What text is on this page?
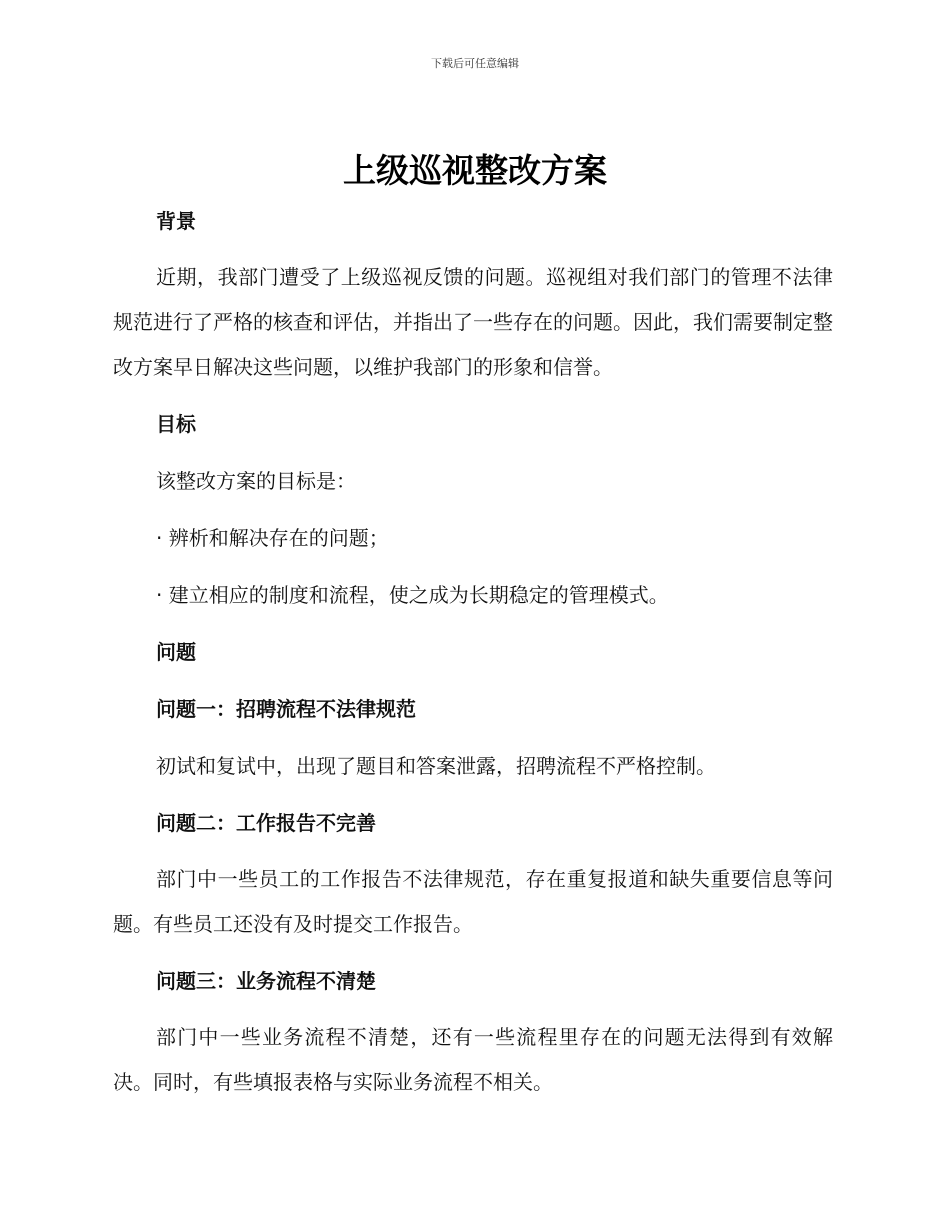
下载后可任意编辑
上级巡视整改方案

背景

近期，我部门遭受了上级巡视反馈的问题。巡视组对我们部门的管理不法律规范进行了严格的核查和评估，并指出了一些存在的问题。因此，我们需要制定整改方案早日解决这些问题，以维护我部门的形象和信誉。

目标

该整改方案的目标是：

· 辨析和解决存在的问题；

· 建立相应的制度和流程，使之成为长期稳定的管理模式。

问题

问题一：招聘流程不法律规范

初试和复试中，出现了题目和答案泄露，招聘流程不严格控制。

问题二：工作报告不完善

部门中一些员工的工作报告不法律规范，存在重复报道和缺失重要信息等问题。有些员工还没有及时提交工作报告。

问题三：业务流程不清楚

部门中一些业务流程不清楚，还有一些流程里存在的问题无法得到有效解决。同时，有些填报表格与实际业务流程不相关。
